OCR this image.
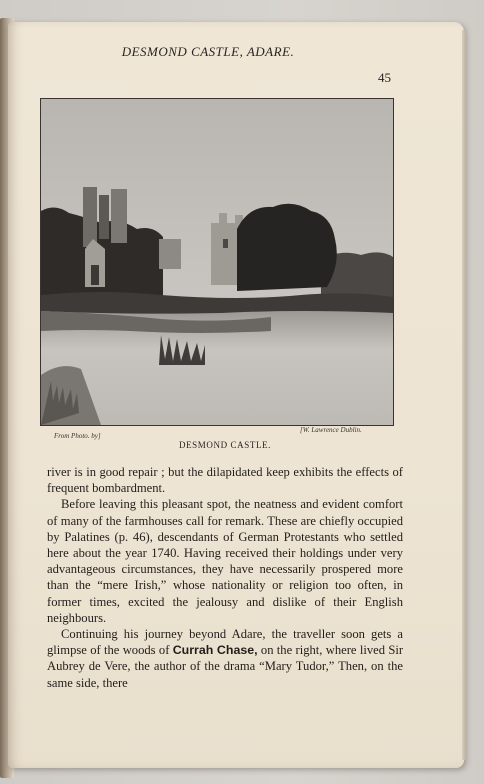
DESMOND CASTLE, ADARE.
45
From Photo. by]
[W. Lawrence Dublin.
DESMOND CASTLE.

river is in good repair ; but the dilapidated keep exhibits the effects of frequent bombardment.

Before leaving this pleasant spot, the neatness and evident comfort of many of the farmhouses call for remark. These are chiefly occupied by Palatines (p. 46), descendants of German Protestants who settled here about the year 1740. Having received their holdings under very advantageous circumstances, they have necessarily prospered more than the “mere Irish,” whose nationality or religion too often, in former times, excited the jealousy and dislike of their English neighbours.

Continuing his journey beyond Adare, the traveller soon gets a glimpse of the woods of Currah Chase, on the right, where lived Sir Aubrey de Vere, the author of the drama “Mary Tudor,” Then, on the same side, there
